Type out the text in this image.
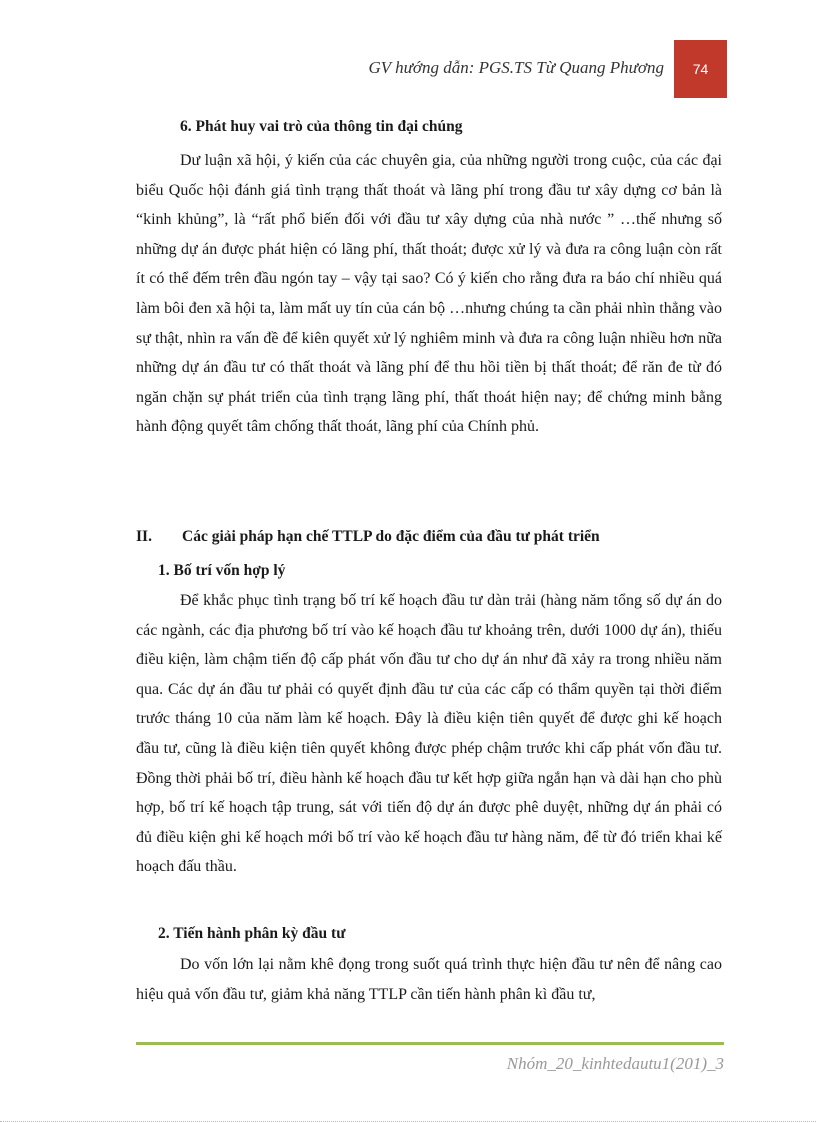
GV hướng dẫn: PGS.TS Từ Quang Phương	74
6. Phát huy vai trò của thông tin đại chúng

Dư luận xã hội, ý kiến của các chuyên gia, của những người trong cuộc, của các đại biểu Quốc hội đánh giá tình trạng thất thoát và lãng phí trong đầu tư xây dựng cơ bản là “kinh khủng”, là “rất phổ biến đối với đầu tư xây dựng của nhà nước ” …thế nhưng số những dự án được phát hiện có lãng phí, thất thoát; được xử lý và đưa ra công luận còn rất ít có thể đếm trên đầu ngón tay – vậy tại sao? Có ý kiến cho rằng đưa ra báo chí nhiều quá làm bôi đen xã hội ta, làm mất uy tín của cán bộ …nhưng chúng ta cần phải nhìn thẳng vào sự thật, nhìn ra vấn đề để kiên quyết xử lý nghiêm minh và đưa ra công luận nhiều hơn nữa những dự án đầu tư có thất thoát và lãng phí để thu hồi tiền bị thất thoát; để răn đe từ đó ngăn chặn sự phát triển của tình trạng lãng phí, thất thoát hiện nay; để chứng minh bằng hành động quyết tâm chống thất thoát, lãng phí của Chính phủ.

II. Các giải pháp hạn chế TTLP do đặc điểm của đầu tư phát triển
1. Bố trí vốn hợp lý

Để khắc phục tình trạng bố trí kế hoạch đầu tư dàn trải (hàng năm tổng số dự án do các ngành, các địa phương bố trí vào kế hoạch đầu tư khoảng trên, dưới 1000 dự án), thiếu điều kiện, làm chậm tiến độ cấp phát vốn đầu tư cho dự án như đã xảy ra trong nhiều năm qua. Các dự án đầu tư phải có quyết định đầu tư của các cấp có thẩm quyền tại thời điểm trước tháng 10 của năm làm kế hoạch. Đây là điều kiện tiên quyết để được ghi kế hoạch đầu tư, cũng là điều kiện tiên quyết không được phép chậm trước khi cấp phát vốn đầu tư. Đồng thời phải bố trí, điều hành kế hoạch đầu tư kết hợp giữa ngắn hạn và dài hạn cho phù hợp, bố trí kế hoạch tập trung, sát với tiến độ dự án được phê duyệt, những dự án phải có đủ điều kiện ghi kế hoạch mới bố trí vào kế hoạch đầu tư hàng năm, để từ đó triển khai kế hoạch đấu thầu.

2. Tiến hành phân kỳ đầu tư

Do vốn lớn lại nằm khê đọng trong suốt quá trình thực hiện đầu tư nên để nâng cao hiệu quả vốn đầu tư, giảm khả năng TTLP cần tiến hành phân kì đầu tư,

Nhóm_20_kinhtedautu1(201)_3
